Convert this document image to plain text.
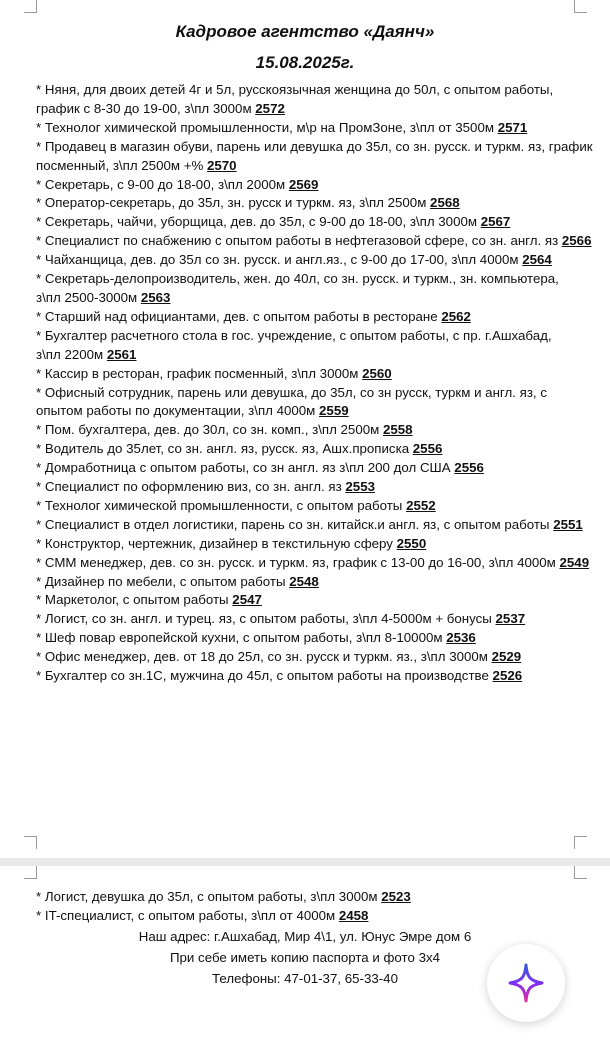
Кадровое агентство «Даянч»
15.08.2025г.

* Няня, для двоих детей 4г и 5л, русскоязычная женщина до 50л, с опытом работы, график с 8-30 до 19-00, з\пл 3000м 2572

* Технолог химической промышленности, м\р на ПромЗоне, з\пл от 3500м 2571

* Продавец в магазин обуви, парень или девушка до 35л, со зн. русск. и туркм. яз, график посменный, з\пл 2500м +% 2570

* Секретарь, с 9-00 до 18-00, з\пл 2000м 2569

* Оператор-секретарь, до 35л, зн. русск и туркм. яз, з\пл 2500м 2568

* Секретарь, чайчи, уборщица, дев. до 35л, с 9-00 до 18-00, з\пл 3000м 2567

* Специалист по снабжению с опытом работы в нефтегазовой сфере, со зн. англ. яз 2566

* Чайханщица, дев. до 35л со зн. русск. и англ.яз., с 9-00 до 17-00, з\пл 4000м 2564

* Секретарь-делопроизводитель, жен. до 40л, со зн. русск. и туркм., зн. компьютера,
з\пл 2500-3000м 2563

* Старший над официантами, дев. с опытом работы в ресторане 2562

* Бухгалтер расчетного стола в гос. учреждение, с опытом работы, с пр. г.Ашхабад,
з\пл 2200м 2561

* Кассир в ресторан, график посменный, з\пл 3000м 2560

* Офисный сотрудник, парень или девушка, до 35л, со зн русск, туркм и англ. яз, с
опытом работы по документации, з\пл 4000м 2559

* Пом. бухгалтера, дев. до 30л, со зн. комп., з\пл 2500м 2558

* Водитель до 35лет, со зн. англ. яз, русск. яз, Ашх.прописка 2556

* Домработница с опытом работы, со зн англ. яз з\пл 200 дол США 2556

* Специалист по оформлению виз, со зн. англ. яз 2553

* Технолог химической промышленности, с опытом работы 2552

* Специалист в отдел логистики, парень со зн. китайск.и англ. яз, с опытом работы 2551

* Конструктор, чертежник, дизайнер в текстильную сферу 2550

* СММ менеджер, дев. со зн. русск. и туркм. яз, график с 13-00 до 16-00, з\пл 4000м 2549

* Дизайнер по мебели, с опытом работы 2548

* Маркетолог, с опытом работы 2547

* Логист, со зн. англ. и турец. яз, с опытом работы, з\пл 4-5000м + бонусы 2537

* Шеф повар европейской кухни, с опытом работы, з\пл 8-10000м 2536

* Офис менеджер, дев. от 18 до 25л, со зн. русск и туркм. яз., з\пл 3000м 2529

* Бухгалтер со зн.1С, мужчина до 45л, с опытом работы на производстве 2526

* Логист, девушка до 35л, с опытом работы, з\пл 3000м 2523

* IT-специалист, с опытом работы, з\пл от 4000м 2458

Наш адрес: г.Ашхабад, Мир 4\1, ул. Юнус Эмре дом 6
При себе иметь копию паспорта и фото 3х4
Телефоны: 47-01-37, 65-33-40
